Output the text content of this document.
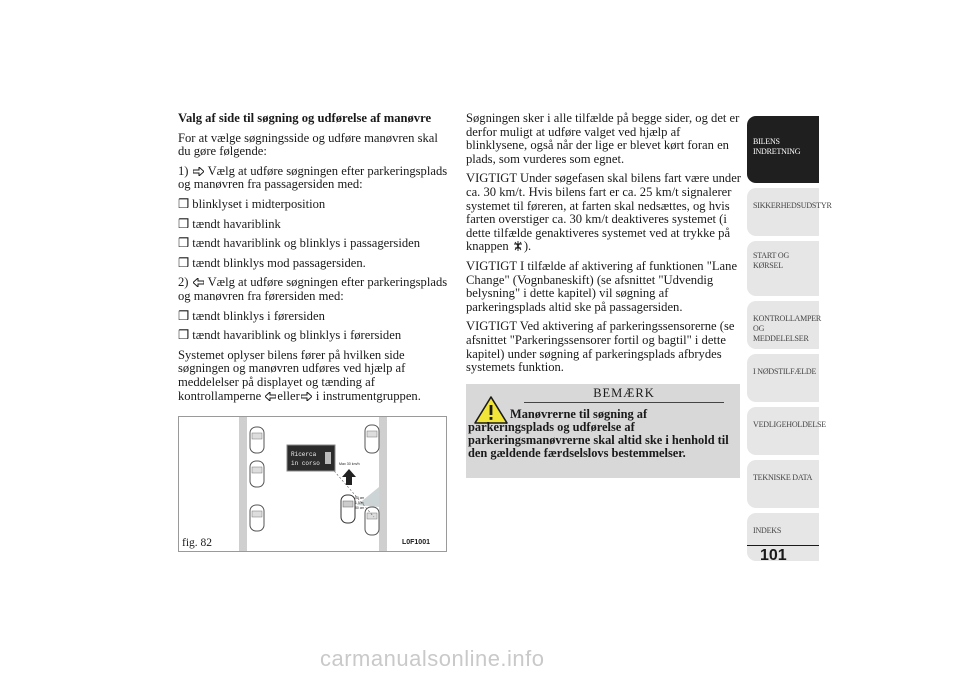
Valg af side til søgning og udførelse af manøvre

For at vælge søgningsside og udføre manøvren skal du gøre følgende:

1) Vælg at udføre søgningen efter parkeringsplads og manøvren fra passagersiden med:

❒ blinklyset i midterposition

❒ tændt havariblink

❒ tændt havariblink og blinklys i passagersiden

❒ tændt blinklys mod passagersiden.

2) Vælg at udføre søgningen efter parkeringsplads og manøvren fra førersiden med:

❒ tændt blinklys i førersiden

❒ tændt havariblink og blinklys i førersiden

Systemet oplyser bilens fører på hvilken side søgningen og manøvren udføres ved hjælp af meddelelser på displayet og tænding af kontrollamperne eller i instrumentgruppen.

Ricerca
in corso	Max 30 km/h
50 cm
1,5 m
80 cm
fig. 82	L0F1001

Søgningen sker i alle tilfælde på begge sider, og det er derfor muligt at udføre valget ved hjælp af blinklysene, også når der lige er blevet kørt foran en plads, som vurderes som egnet.

VIGTIGT Under søgefasen skal bilens fart være under ca. 30 km/t. Hvis bilens fart er ca. 25 km/t signalerer systemet til føreren, at farten skal nedsættes, og hvis farten overstiger ca. 30 km/t deaktiveres systemet (i dette tilfælde genaktiveres systemet ved at trykke på knappen ).

VIGTIGT I tilfælde af aktivering af funktionen "Lane Change" (Vognbaneskift) (se afsnittet "Udvendig belysning" i dette kapitel) vil søgning af parkeringsplads altid ske på passagersiden.

VIGTIGT Ved aktivering af parkeringssensorerne (se afsnittet "Parkeringssensorer fortil og bagtil" i dette kapitel) under søgning af parkeringsplads afbrydes systemets funktion.

BEMÆRK
Manøvrerne til søgning af parkeringsplads og udførelse af parkeringsmanøvrerne skal altid ske i henhold til den gældende færdselslovs bestemmelser.
BILENS INDRETNING
SIKKERHEDSUDSTYR
START OG KØRSEL
KONTROLLAMPER OG MEDDELELSER
I NØDSTILFÆLDE
VEDLIGEHOLDELSE
TEKNISKE DATA
INDEKS
101
carmanualsonline.info
